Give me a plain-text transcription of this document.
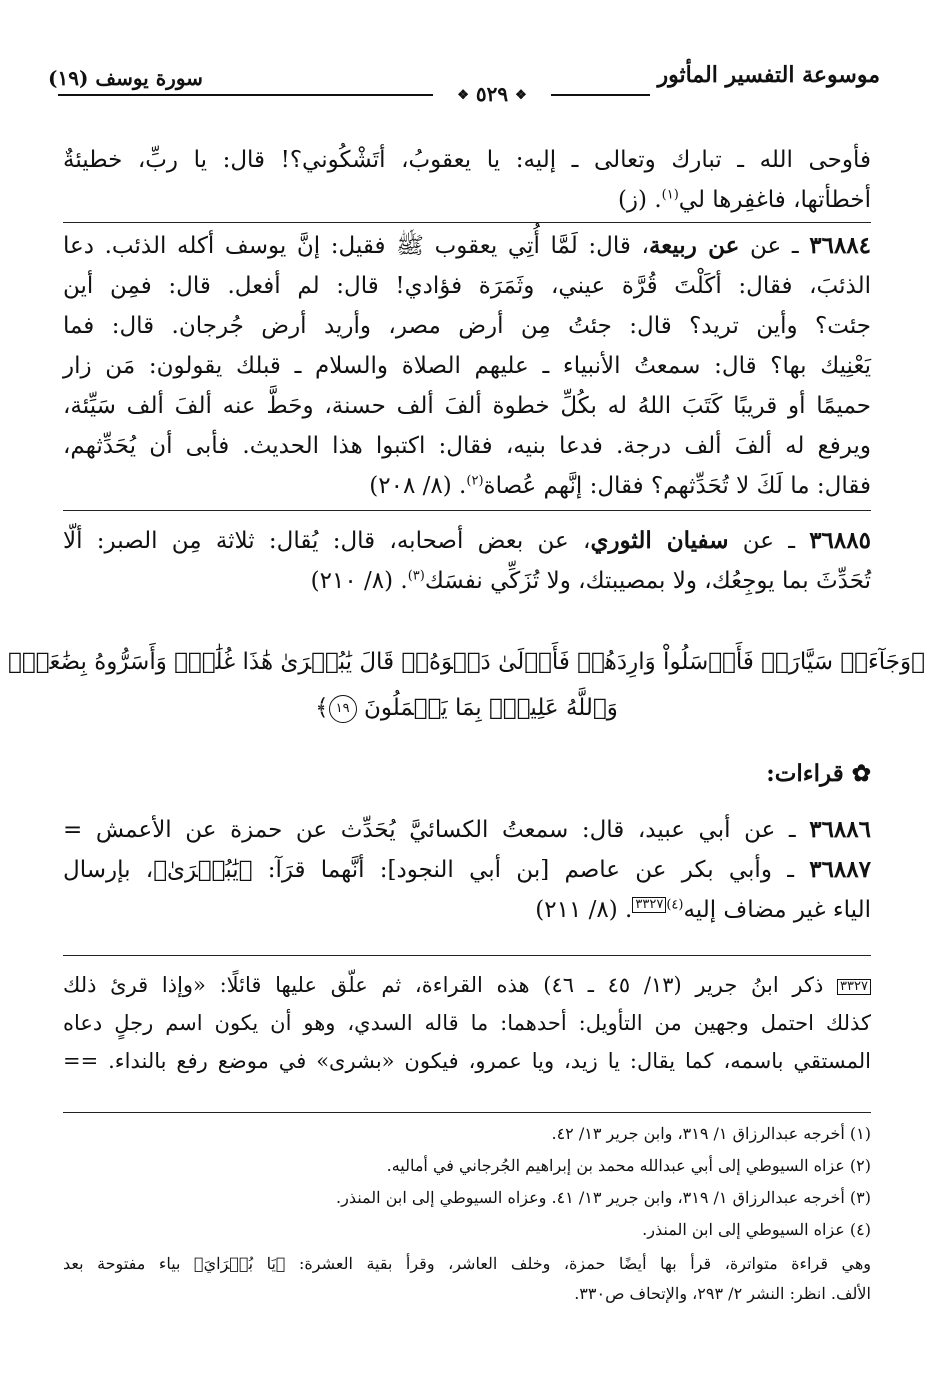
موسوعة التفسير المأثور
❖ ٥٢٩ ❖
سورة يوسف (١٩)
فأوحى الله ـ تبارك وتعالى ـ إليه: يا يعقوبُ، أتَشْكُوني؟! قال: يا ربِّ، خطيئةٌ
أخطأتها، فاغفِرها لي$^{(١)}$. (ز)
٣٦٨٨٤ ـ عن عن ربيعة، قال: لَمَّا أُتِي يعقوب ﷺ فقيل: إنَّ يوسف أكله الذئب. دعا
الذئبَ، فقال: أكَلْتَ قُرَّة عيني، وثَمَرَة فؤادي! قال: لم أفعل. قال: فمِن أين
جئت؟ وأين تريد؟ قال: جئتُ مِن أرض مصر، وأريد أرض جُرجان. قال: فما
يَعْنِيك بها؟ قال: سمعتُ الأنبياء ـ عليهم الصلاة والسلام ـ قبلك يقولون: مَن زار
حميمًا أو قريبًا كَتَبَ اللهُ له بكُلِّ خطوة ألفَ ألف حسنة، وحَطَّ عنه ألفَ ألف سَيِّئة،
ويرفع له ألفَ ألف درجة. فدعا بنيه، فقال: اكتبوا هذا الحديث. فأبى أن يُحَدِّثهم،
فقال: ما لَكَ لا تُحَدِّثهم؟ فقال: إنَّهم عُصاة$^{(٢)}$. (٨/ ٢٠٨)
٣٦٨٨٥ ـ عن سفيان الثوري، عن بعض أصحابه، قال: يُقال: ثلاثة مِن الصبر: ألّا
تُحَدِّثَ بما يوجِعُك، ولا بمصيبتك، ولا تُزَكِّي نفسَك$^{(٣)}$. (٨/ ٢١٠)
﴿وَجَآءَتۡ سَيَّارَةٞ فَأَرۡسَلُواْ وَارِدَهُمۡ فَأَدۡلَىٰ دَلۡوَهُۥۖ قَالَ يَٰبُشۡرَىٰ هَٰذَا غُلَٰمٞۚ وَأَسَرُّوهُ بِضَٰعَةٗۚ
وَٱللَّهُ عَلِيمُۢ بِمَا يَعۡمَلُونَ ١٩﴾
✿ قراءات:
٣٦٨٨٦ ـ عن أبي عبيد، قال: سمعتُ الكسائيَّ يُحَدِّث عن حمزة عن الأعمش =
٣٦٨٨٧ ـ وأبي بكر عن عاصم [بن أبي النجود]: أنَّهما قرَآ: ﴿يَٰبُشۡرَىٰ﴾، بإرسال
الياء غير مضاف إليه$^{(٤)}$٣٣٢٧. (٨/ ٢١١)
٣٣٢٧ ذكر ابنُ جرير (١٣/ ٤٥ ـ ٤٦) هذه القراءة، ثم علّق عليها قائلًا: «وإذا قرئ ذلك
كذلك احتمل وجهين من التأويل: أحدهما: ما قاله السدي، وهو أن يكون اسم رجلٍ دعاه
المستقي باسمه، كما يقال: يا زيد، ويا عمرو، فيكون «بشرى» في موضع رفع بالنداء. ==
(١) أخرجه عبدالرزاق ١/ ٣١٩، وابن جرير ١٣/ ٤٢.
(٢) عزاه السيوطي إلى أبي عبدالله محمد بن إبراهيم الجُرجاني في أماليه.
(٣) أخرجه عبدالرزاق ١/ ٣١٩، وابن جرير ١٣/ ٤١. وعزاه السيوطي إلى ابن المنذر.
(٤) عزاه السيوطي إلى ابن المنذر.
وهي قراءة متواترة، قرأ بها أيضًا حمزة، وخلف العاشر، وقرأ بقية العشرة: ﴿يَا بُشۡرَايَ﴾ بياء مفتوحة بعد
الألف. انظر: النشر ٢/ ٢٩٣، والإتحاف ص٣٣٠.
